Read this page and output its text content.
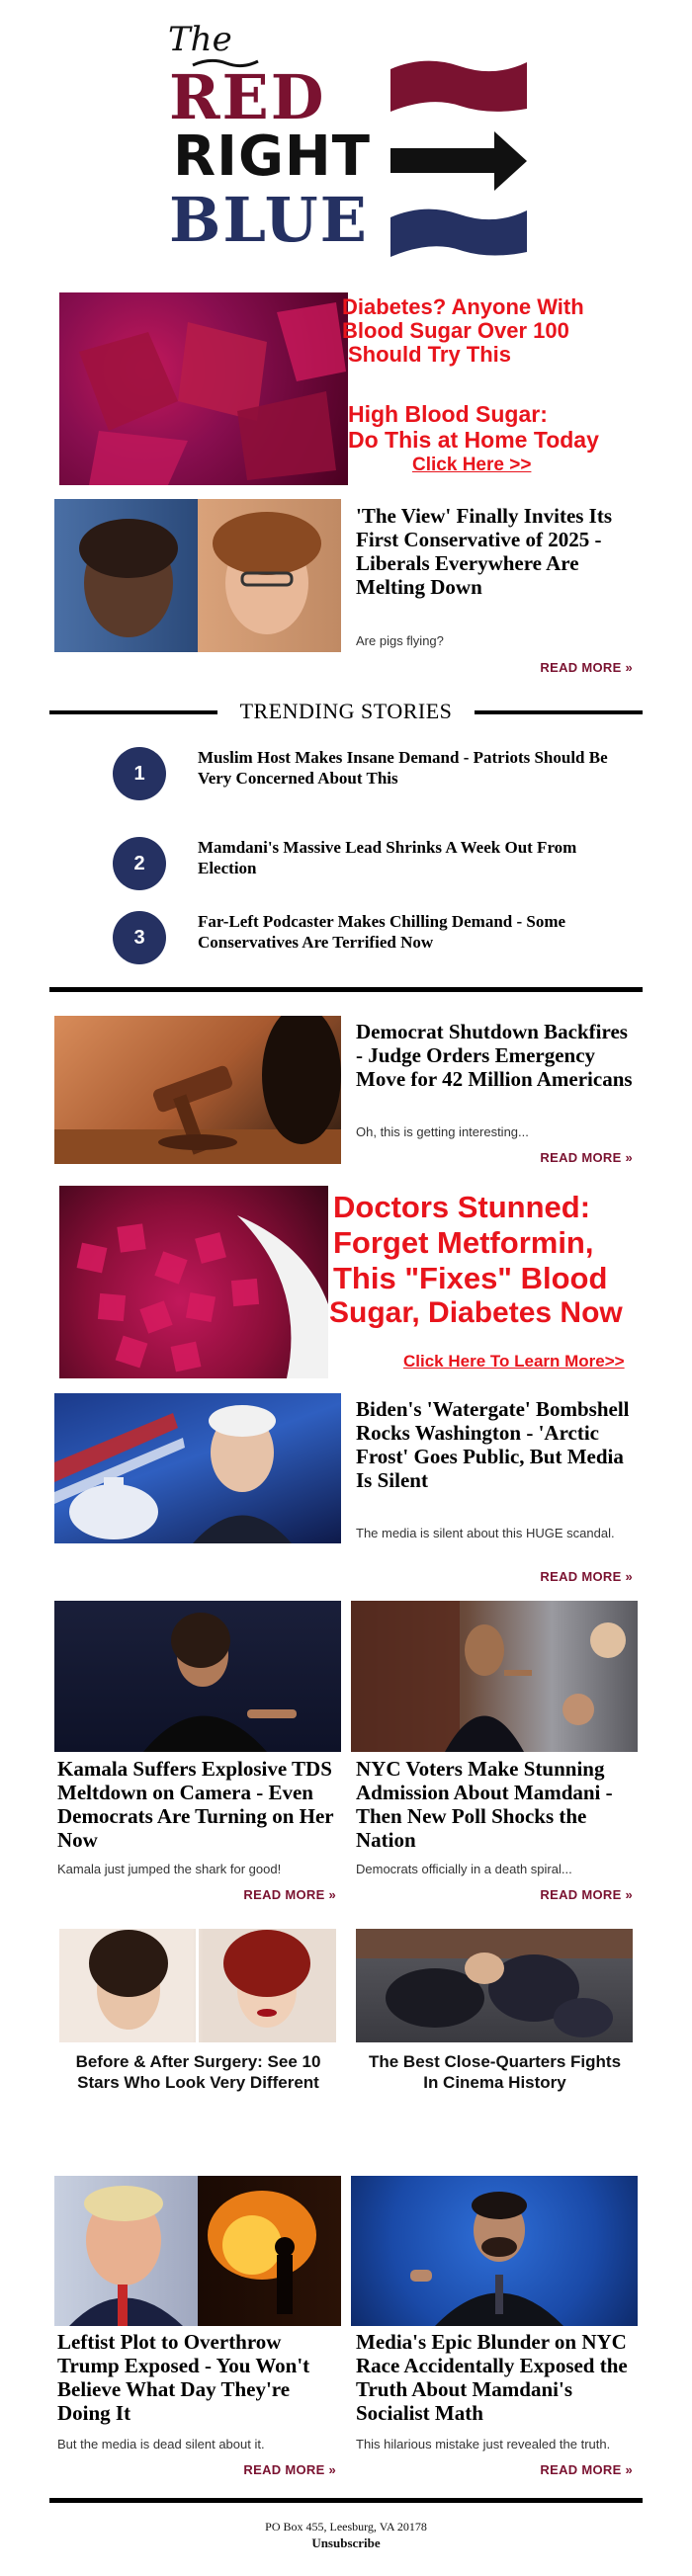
The
RED
RIGHT
BLUE
Diabetes? Anyone With
Blood Sugar Over 100
Should Try This
High Blood Sugar:
Do This at Home Today
Click Here >>
'The View' Finally Invites Its First Conservative of 2025 - Liberals Everywhere Are Melting Down
Are pigs flying?
READ MORE »
TRENDING STORIES
1
Muslim Host Makes Insane Demand - Patriots Should Be Very Concerned About This
2
Mamdani's Massive Lead Shrinks A Week Out From Election
3
Far-Left Podcaster Makes Chilling Demand - Some Conservatives Are Terrified Now
Democrat Shutdown Backfires - Judge Orders Emergency Move for 42 Million Americans
Oh, this is getting interesting...
READ MORE »
Doctors Stunned:
Forget Metformin,
This "Fixes" Blood
Sugar, Diabetes Now
Click Here To Learn More>>
Biden's 'Watergate' Bombshell Rocks Washington - 'Arctic Frost' Goes Public, But Media Is Silent
The media is silent about this HUGE scandal.
READ MORE »
Kamala Suffers Explosive TDS Meltdown on Camera - Even Democrats Are Turning on Her Now
Kamala just jumped the shark for good!
READ MORE »
NYC Voters Make Stunning Admission About Mamdani - Then New Poll Shocks the Nation
Democrats officially in a death spiral...
READ MORE »
Before & After Surgery: See 10 Stars Who Look Very Different
The Best Close-Quarters Fights In Cinema History
Leftist Plot to Overthrow Trump Exposed - You Won't Believe What Day They're Doing It
But the media is dead silent about it.
READ MORE »
Media's Epic Blunder on NYC Race Accidentally Exposed the Truth About Mamdani's Socialist Math
This hilarious mistake just revealed the truth.
READ MORE »
PO Box 455, Leesburg, VA 20178
Unsubscribe
